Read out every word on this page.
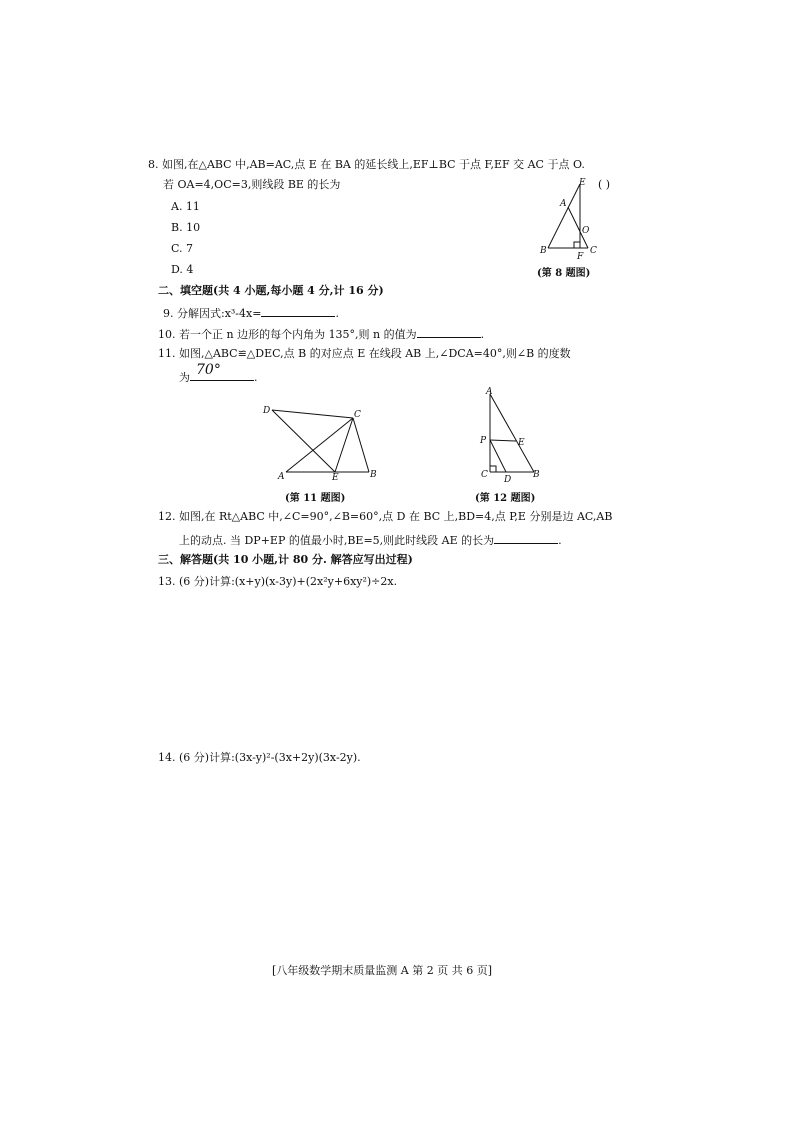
8. 如图,在△ABC 中,AB=AC,点 E 在 BA 的延长线上,EF⊥BC 于点 F,EF 交 AC 于点 O.
若 OA=4,OC=3,则线段 BE 的长为	( )
A. 11
B. 10
C. 7
D. 4
E
A
O
B
F
C
(第 8 题图)
二、填空题(共 4 小题,每小题 4 分,计 16 分)
9. 分解因式:x³-4x=	.
10. 若一个正 n 边形的每个内角为 135°,则 n 的值为	.
11. 如图,△ABC≌△DEC,点 B 的对应点 E 在线段 AB 上,∠DCA=40°,则∠B 的度数
为 70°	.
D	C
A	E	B
(第 11 题图)
A
P	E
C D B
(第 12 题图)
12. 如图,在 Rt△ABC 中,∠C=90°,∠B=60°,点 D 在 BC 上,BD=4,点 P,E 分别是边 AC,AB
上的动点. 当 DP+EP 的值最小时,BE=5,则此时线段 AE 的长为	.
三、解答题(共 10 小题,计 80 分. 解答应写出过程)
13. (6 分)计算:(x+y)(x-3y)+(2x²y+6xy²)÷2x.
14. (6 分)计算:(3x-y)²-(3x+2y)(3x-2y).
[八年级数学期末质量监测 A 第 2 页 共 6 页]
